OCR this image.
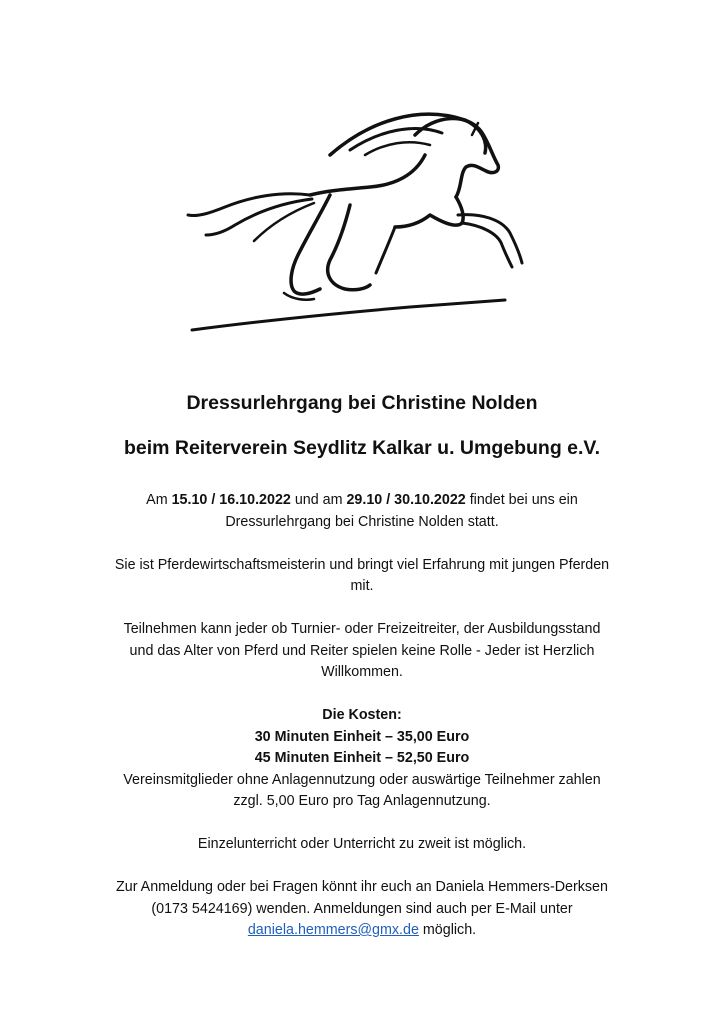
Dressurlehrgang bei Christine Nolden
beim Reiterverein Seydlitz Kalkar u. Umgebung e.V.

Am 15.10 / 16.10.2022 und am 29.10 / 30.10.2022 findet bei uns ein

Dressurlehrgang bei Christine Nolden statt.

Sie ist Pferdewirtschaftsmeisterin und bringt viel Erfahrung mit jungen Pferden

mit.

Teilnehmen kann jeder ob Turnier- oder Freizeitreiter, der Ausbildungsstand

und das Alter von Pferd und Reiter spielen keine Rolle - Jeder ist Herzlich

Willkommen.

Die Kosten:

30 Minuten Einheit – 35,00 Euro

45 Minuten Einheit – 52,50 Euro

Vereinsmitglieder ohne Anlagennutzung oder auswärtige Teilnehmer zahlen

zzgl. 5,00 Euro pro Tag Anlagennutzung.

Einzelunterricht oder Unterricht zu zweit ist möglich.

Zur Anmeldung oder bei Fragen könnt ihr euch an Daniela Hemmers-Derksen

(0173 5424169) wenden. Anmeldungen sind auch per E-Mail unter

daniela.hemmers@gmx.de möglich.
